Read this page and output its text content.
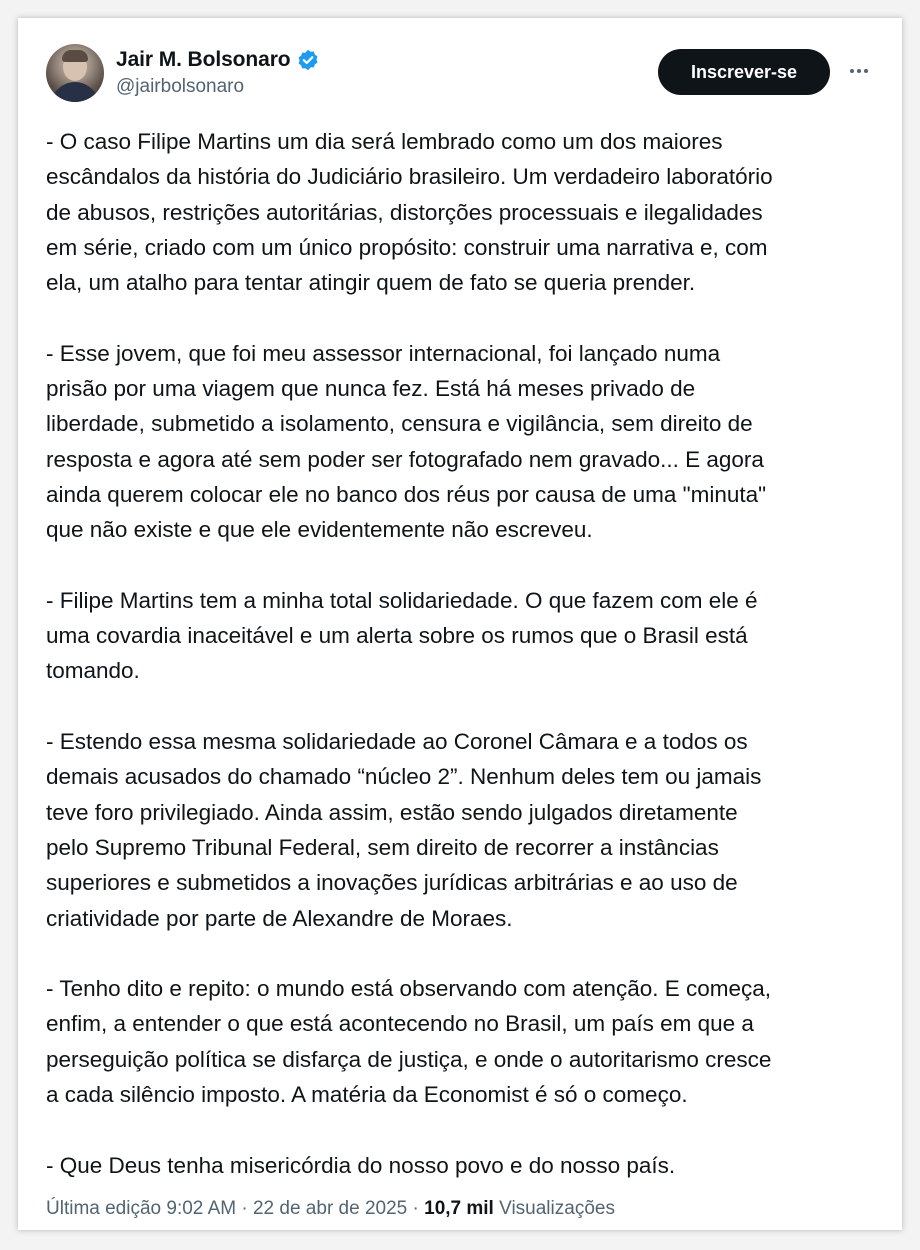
Jair M. Bolsonaro
@jairbolsonaro
Inscrever-se

- O caso Filipe Martins um dia será lembrado como um dos maiores
escândalos da história do Judiciário brasileiro. Um verdadeiro laboratório
de abusos, restrições autoritárias, distorções processuais e ilegalidades
em série, criado com um único propósito: construir uma narrativa e, com
ela, um atalho para tentar atingir quem de fato se queria prender.

- Esse jovem, que foi meu assessor internacional, foi lançado numa
prisão por uma viagem que nunca fez. Está há meses privado de
liberdade, submetido a isolamento, censura e vigilância, sem direito de
resposta e agora até sem poder ser fotografado nem gravado... E agora
ainda querem colocar ele no banco dos réus por causa de uma "minuta"
que não existe e que ele evidentemente não escreveu.

- Filipe Martins tem a minha total solidariedade. O que fazem com ele é
uma covardia inaceitável e um alerta sobre os rumos que o Brasil está
tomando.

- Estendo essa mesma solidariedade ao Coronel Câmara e a todos os
demais acusados do chamado “núcleo 2”. Nenhum deles tem ou jamais
teve foro privilegiado. Ainda assim, estão sendo julgados diretamente
pelo Supremo Tribunal Federal, sem direito de recorrer a instâncias
superiores e submetidos a inovações jurídicas arbitrárias e ao uso de
criatividade por parte de Alexandre de Moraes.

- Tenho dito e repito: o mundo está observando com atenção. E começa,
enfim, a entender o que está acontecendo no Brasil, um país em que a
perseguição política se disfarça de justiça, e onde o autoritarismo cresce
a cada silêncio imposto. A matéria da Economist é só o começo.

- Que Deus tenha misericórdia do nosso povo e do nosso país.

Última edição 9:02 AM · 22 de abr de 2025 · 10,7 mil Visualizações
